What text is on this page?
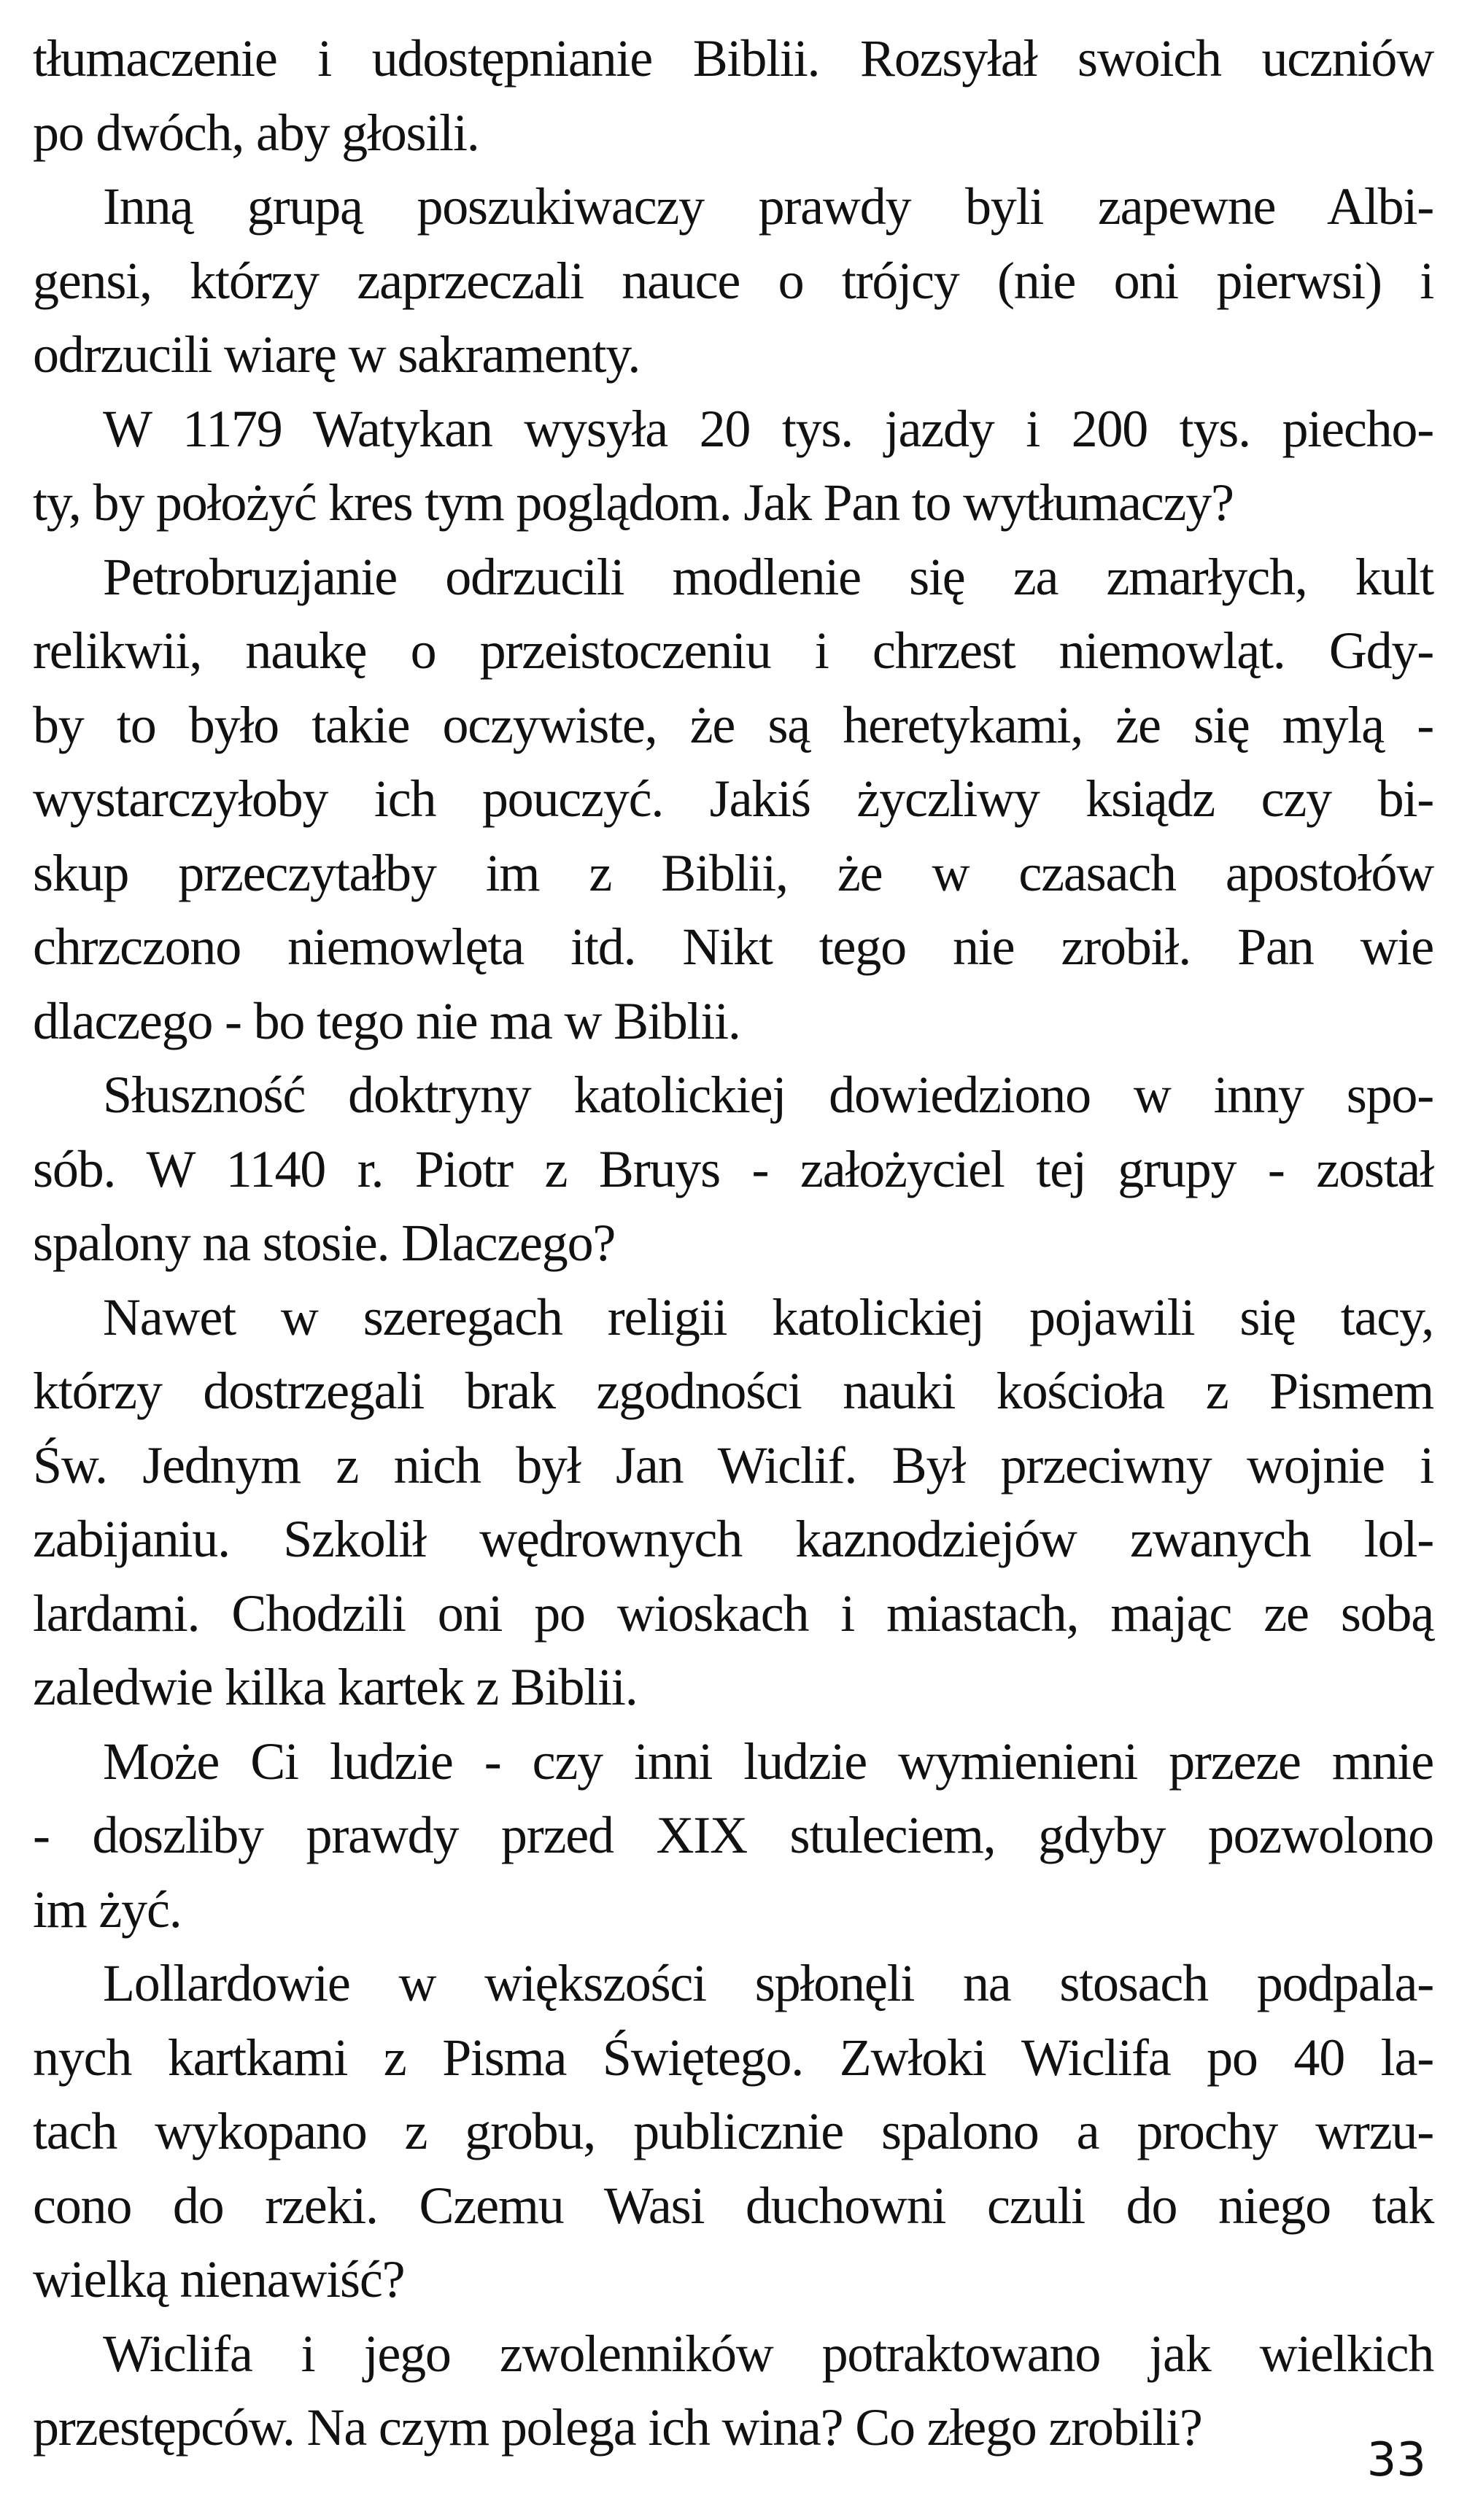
tłumaczenie i udostępnianie Biblii. Rozsyłał swoich uczniów
po dwóch, aby głosili.
Inną grupą poszukiwaczy prawdy byli zapewne Albi-
gensi, którzy zaprzeczali nauce o trójcy (nie oni pierwsi) i
odrzucili wiarę w sakramenty.
W 1179 Watykan wysyła 20 tys. jazdy i 200 tys. piecho-
ty, by położyć kres tym poglądom. Jak Pan to wytłumaczy?
Petrobruzjanie odrzucili modlenie się za zmarłych, kult
relikwii, naukę o przeistoczeniu i chrzest niemowląt. Gdy-
by to było takie oczywiste, że są heretykami, że się mylą -
wystarczyłoby ich pouczyć. Jakiś życzliwy ksiądz czy bi-
skup przeczytałby im z Biblii, że w czasach apostołów
chrzczono niemowlęta itd. Nikt tego nie zrobił. Pan wie
dlaczego - bo tego nie ma w Biblii.
Słuszność doktryny katolickiej dowiedziono w inny spo-
sób. W 1140 r. Piotr z Bruys - założyciel tej grupy - został
spalony na stosie. Dlaczego?
Nawet w szeregach religii katolickiej pojawili się tacy,
którzy dostrzegali brak zgodności nauki kościoła z Pismem
Św. Jednym z nich był Jan Wiclif. Był przeciwny wojnie i
zabijaniu. Szkolił wędrownych kaznodziejów zwanych lol-
lardami. Chodzili oni po wioskach i miastach, mając ze sobą
zaledwie kilka kartek z Biblii.
Może Ci ludzie - czy inni ludzie wymienieni przeze mnie
- doszliby prawdy przed XIX stuleciem, gdyby pozwolono
im żyć.
Lollardowie w większości spłonęli na stosach podpala-
nych kartkami z Pisma Świętego. Zwłoki Wiclifa po 40 la-
tach wykopano z grobu, publicznie spalono a prochy wrzu-
cono do rzeki. Czemu Wasi duchowni czuli do niego tak
wielką nienawiść?
Wiclifa i jego zwolenników potraktowano jak wielkich
przestępców. Na czym polega ich wina? Co złego zrobili?
33
